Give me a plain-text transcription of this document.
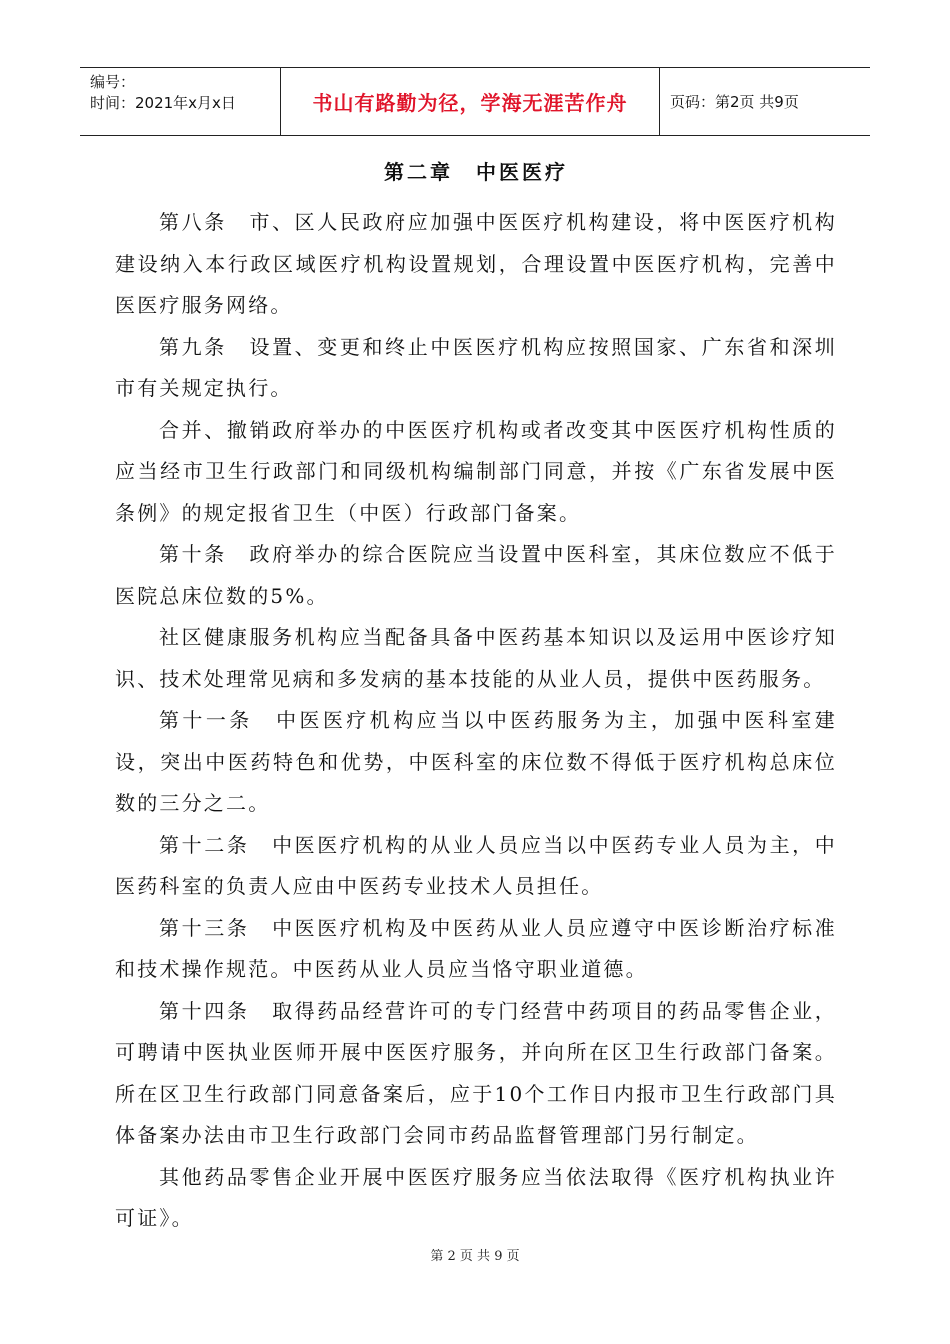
编号：
时间：2021年x月x日	书山有路勤为径，学海无涯苦作舟	页码：第2页 共9页
第二章　中医医疗

第八条　市、区人民政府应加强中医医疗机构建设，将中医医疗机构建设纳入本行政区域医疗机构设置规划，合理设置中医医疗机构，完善中医医疗服务网络。

第九条　设置、变更和终止中医医疗机构应按照国家、广东省和深圳市有关规定执行。

合并、撤销政府举办的中医医疗机构或者改变其中医医疗机构性质的应当经市卫生行政部门和同级机构编制部门同意，并按《广东省发展中医条例》的规定报省卫生（中医）行政部门备案。

第十条　政府举办的综合医院应当设置中医科室，其床位数应不低于医院总床位数的5%。

社区健康服务机构应当配备具备中医药基本知识以及运用中医诊疗知识、技术处理常见病和多发病的基本技能的从业人员，提供中医药服务。

第十一条　中医医疗机构应当以中医药服务为主，加强中医科室建设，突出中医药特色和优势，中医科室的床位数不得低于医疗机构总床位数的三分之二。

第十二条　中医医疗机构的从业人员应当以中医药专业人员为主，中医药科室的负责人应由中医药专业技术人员担任。

第十三条　中医医疗机构及中医药从业人员应遵守中医诊断治疗标准和技术操作规范。中医药从业人员应当恪守职业道德。

第十四条　取得药品经营许可的专门经营中药项目的药品零售企业，可聘请中医执业医师开展中医医疗服务，并向所在区卫生行政部门备案。所在区卫生行政部门同意备案后，应于10个工作日内报市卫生行政部门具体备案办法由市卫生行政部门会同市药品监督管理部门另行制定。

其他药品零售企业开展中医医疗服务应当依法取得《医疗机构执业许可证》。

第 2 页 共 9 页
